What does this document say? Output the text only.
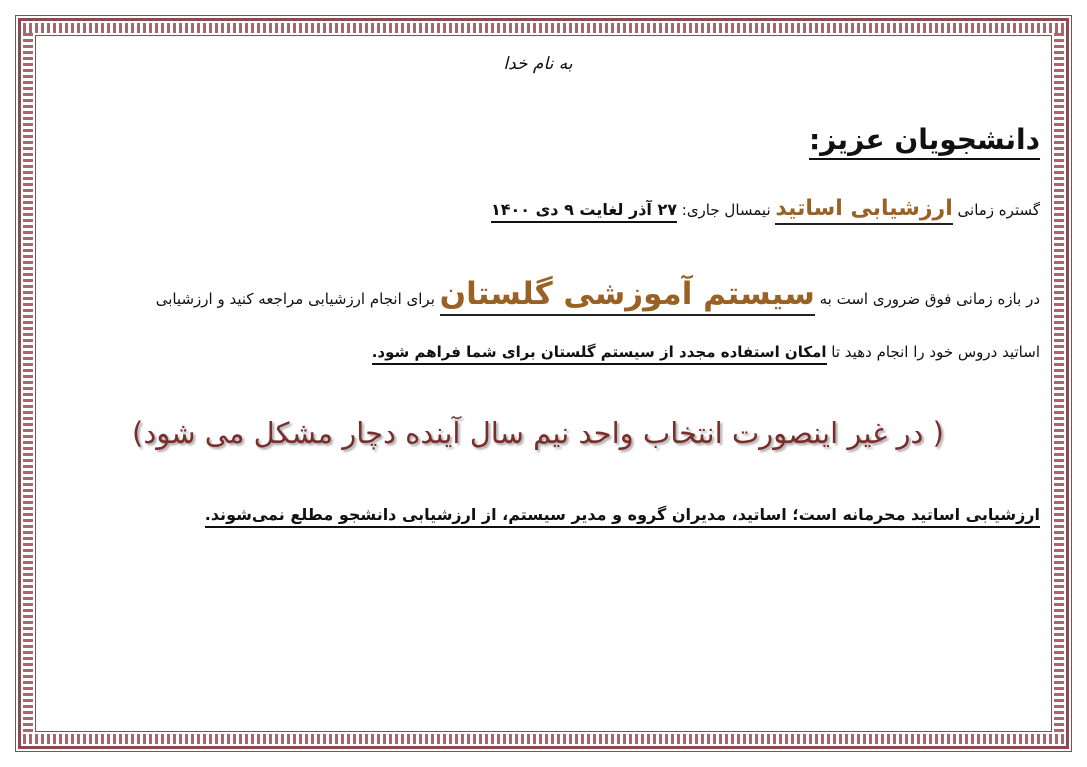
به نام خدا
دانشجویان عزیز:
گستره زمانی ارزشیابی اساتید نیمسال جاری: ۲۷ آذر لغایت ۹ دی ۱۴۰۰
در بازه زمانی فوق ضروری است به سیستم آموزشی گلستان برای انجام ارزشیابی مراجعه کنید و ارزشیابی
اساتید دروس خود را انجام دهید تا امکان استفاده مجدد از سیستم گلستان برای شما فراهم شود.
( در غیر اینصورت انتخاب واحد نیم سال آینده دچار مشکل می شود)
ارزشیابی اساتید محرمانه است؛ اساتید، مدیران گروه و مدیر سیستم، از ارزشیابی دانشجو مطلع نمی‌شوند.
